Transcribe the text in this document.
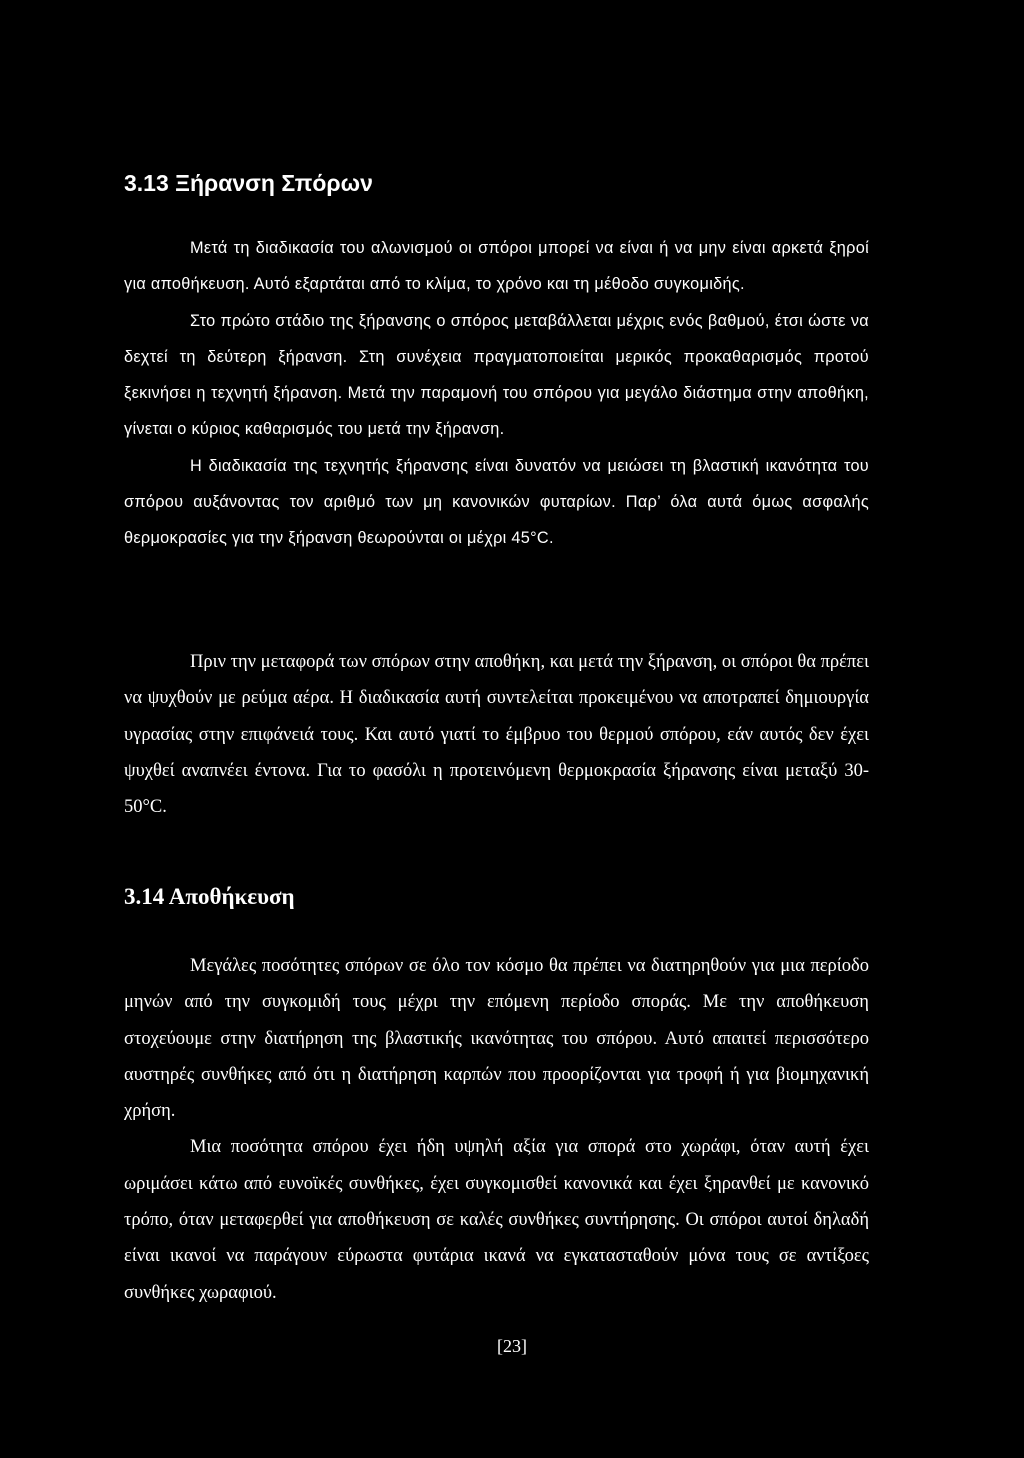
3.13 Ξήρανση Σπόρων

Μετά τη διαδικασία του αλωνισμού οι σπόροι μπορεί να είναι ή να μην είναι αρκετά ξηροί για αποθήκευση. Αυτό εξαρτάται από το κλίμα, το χρόνο και τη μέθοδο συγκομιδής.

Στο πρώτο στάδιο της ξήρανσης ο σπόρος μεταβάλλεται μέχρις ενός βαθμού, έτσι ώστε να δεχτεί τη δεύτερη ξήρανση. Στη συνέχεια πραγματοποιείται μερικός προκαθαρισμός προτού ξεκινήσει η τεχνητή ξήρανση. Μετά την παραμονή του σπόρου για μεγάλο διάστημα στην αποθήκη, γίνεται ο κύριος καθαρισμός του μετά την ξήρανση.

Η διαδικασία της τεχνητής ξήρανσης είναι δυνατόν να μειώσει τη βλαστική ικανότητα του σπόρου αυξάνοντας τον αριθμό των μη κανονικών φυταρίων. Παρ’ όλα αυτά όμως ασφαλής θερμοκρασίες για την ξήρανση θεωρούνται οι μέχρι 45°C.

Πριν την μεταφορά των σπόρων στην αποθήκη, και μετά την ξήρανση, οι σπόροι θα πρέπει να ψυχθούν με ρεύμα αέρα. Η διαδικασία αυτή συντελείται προκειμένου να αποτραπεί δημιουργία υγρασίας στην επιφάνειά τους. Και αυτό γιατί το έμβρυο του θερμού σπόρου, εάν αυτός δεν έχει ψυχθεί αναπνέει έντονα. Για το φασόλι η προτεινόμενη θερμοκρασία ξήρανσης είναι μεταξύ 30-50°C.

3.14 Αποθήκευση

Μεγάλες ποσότητες σπόρων σε όλο τον κόσμο θα πρέπει να διατηρηθούν για μια περίοδο μηνών από την συγκομιδή τους μέχρι την επόμενη περίοδο σποράς. Με την αποθήκευση στοχεύουμε στην διατήρηση της βλαστικής ικανότητας του σπόρου. Αυτό απαιτεί περισσότερο αυστηρές συνθήκες από ότι η διατήρηση καρπών που προορίζονται για τροφή ή για βιομηχανική χρήση.

Μια ποσότητα σπόρου έχει ήδη υψηλή αξία για σπορά στο χωράφι, όταν αυτή έχει ωριμάσει κάτω από ευνοϊκές συνθήκες, έχει συγκομισθεί κανονικά και έχει ξηρανθεί με κανονικό τρόπο, όταν μεταφερθεί για αποθήκευση σε καλές συνθήκες συντήρησης. Οι σπόροι αυτοί δηλαδή είναι ικανοί να παράγουν εύρωστα φυτάρια ικανά να εγκατασταθούν μόνα τους σε αντίξοες συνθήκες χωραφιού.

[23]
